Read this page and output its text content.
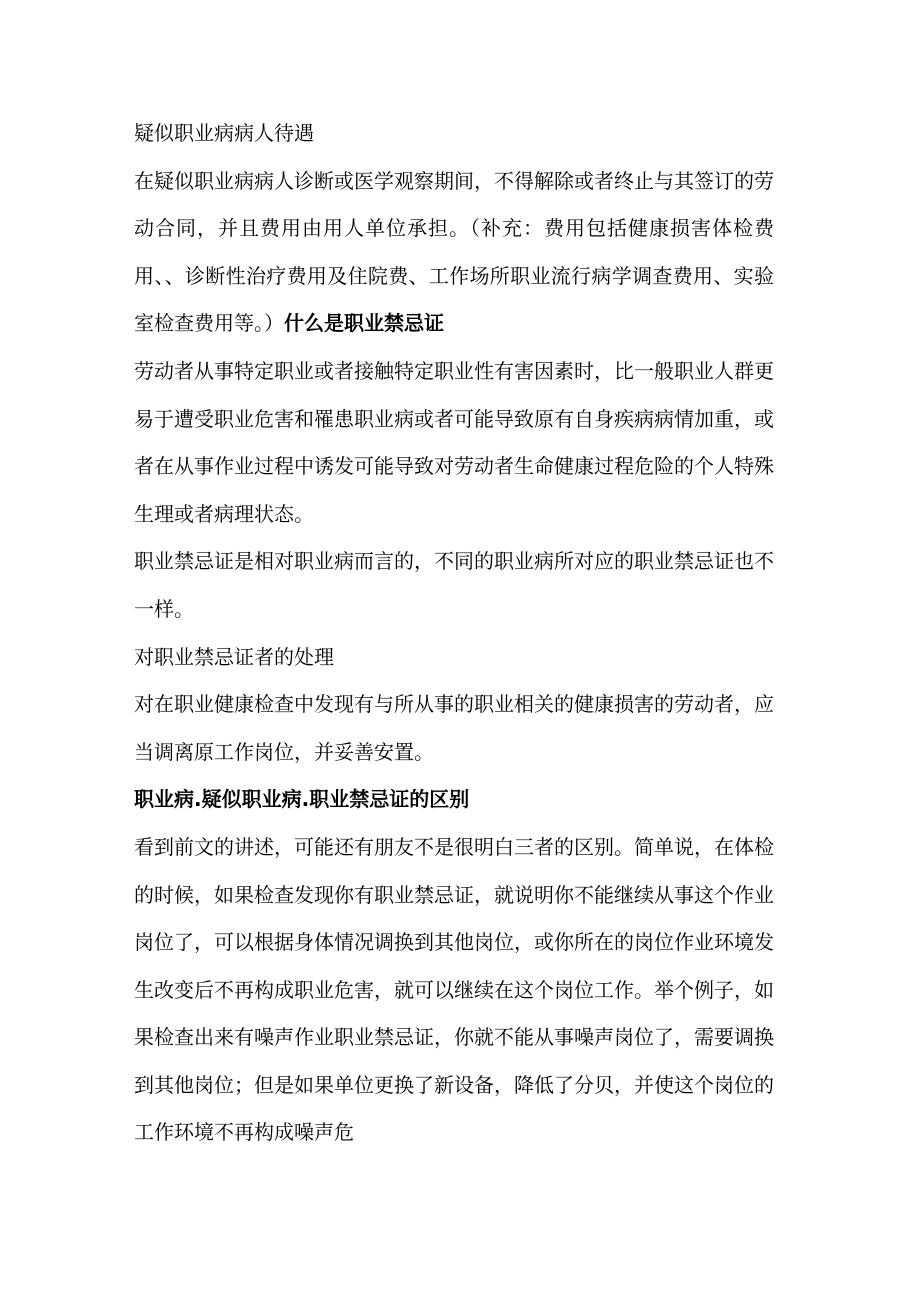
疑似职业病病人待遇

在疑似职业病病人诊断或医学观察期间，不得解除或者终止与其签订的劳动合同，并且费用由用人单位承担。（补充：费用包括健康损害体检费用、、诊断性治疗费用及住院费、工作场所职业流行病学调查费用、实验室检查费用等。）什么是职业禁忌证

劳动者从事特定职业或者接触特定职业性有害因素时，比一般职业人群更易于遭受职业危害和罹患职业病或者可能导致原有自身疾病病情加重，或者在从事作业过程中诱发可能导致对劳动者生命健康过程危险的个人特殊生理或者病理状态。

职业禁忌证是相对职业病而言的，不同的职业病所对应的职业禁忌证也不一样。

对职业禁忌证者的处理

对在职业健康检查中发现有与所从事的职业相关的健康损害的劳动者，应当调离原工作岗位，并妥善安置。

职业病.疑似职业病.职业禁忌证的区别

看到前文的讲述，可能还有朋友不是很明白三者的区别。简单说，在体检的时候，如果检查发现你有职业禁忌证，就说明你不能继续从事这个作业岗位了，可以根据身体情况调换到其他岗位，或你所在的岗位作业环境发生改变后不再构成职业危害，就可以继续在这个岗位工作。举个例子，如果检查出来有噪声作业职业禁忌证，你就不能从事噪声岗位了，需要调换到其他岗位；但是如果单位更换了新设备，降低了分贝，并使这个岗位的工作环境不再构成噪声危
